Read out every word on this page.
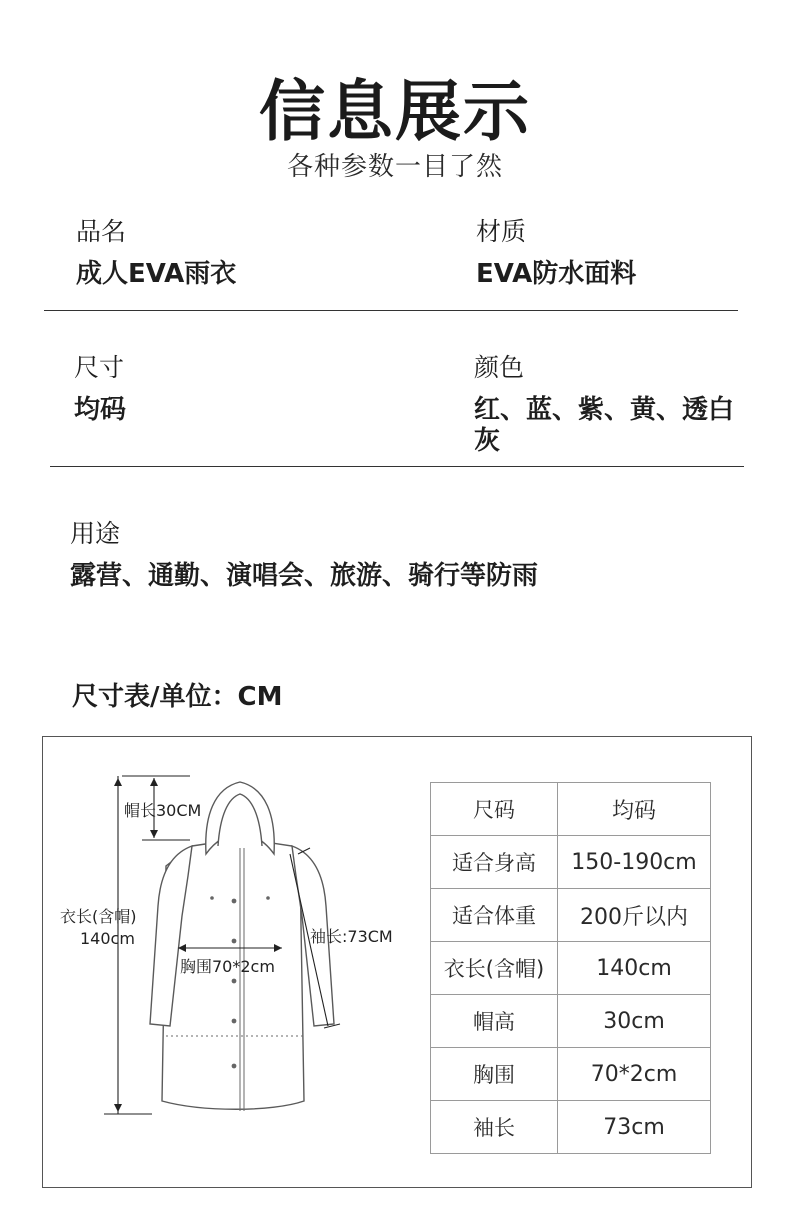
信息展示
各种参数一目了然
品名
成人EVA雨衣
材质
EVA防水面料
尺寸
均码
颜色
红、蓝、紫、黄、透白
灰
用途
露营、通勤、演唱会、旅游、骑行等防雨
尺寸表/单位：CM
帽长30CM
衣长(含帽)
140cm
胸围70*2cm
袖长:73CM
尺码	均码
适合身高	150-190cm
适合体重	200斤以内
衣长(含帽)	140cm
帽高	30cm
胸围	70*2cm
袖长	73cm
